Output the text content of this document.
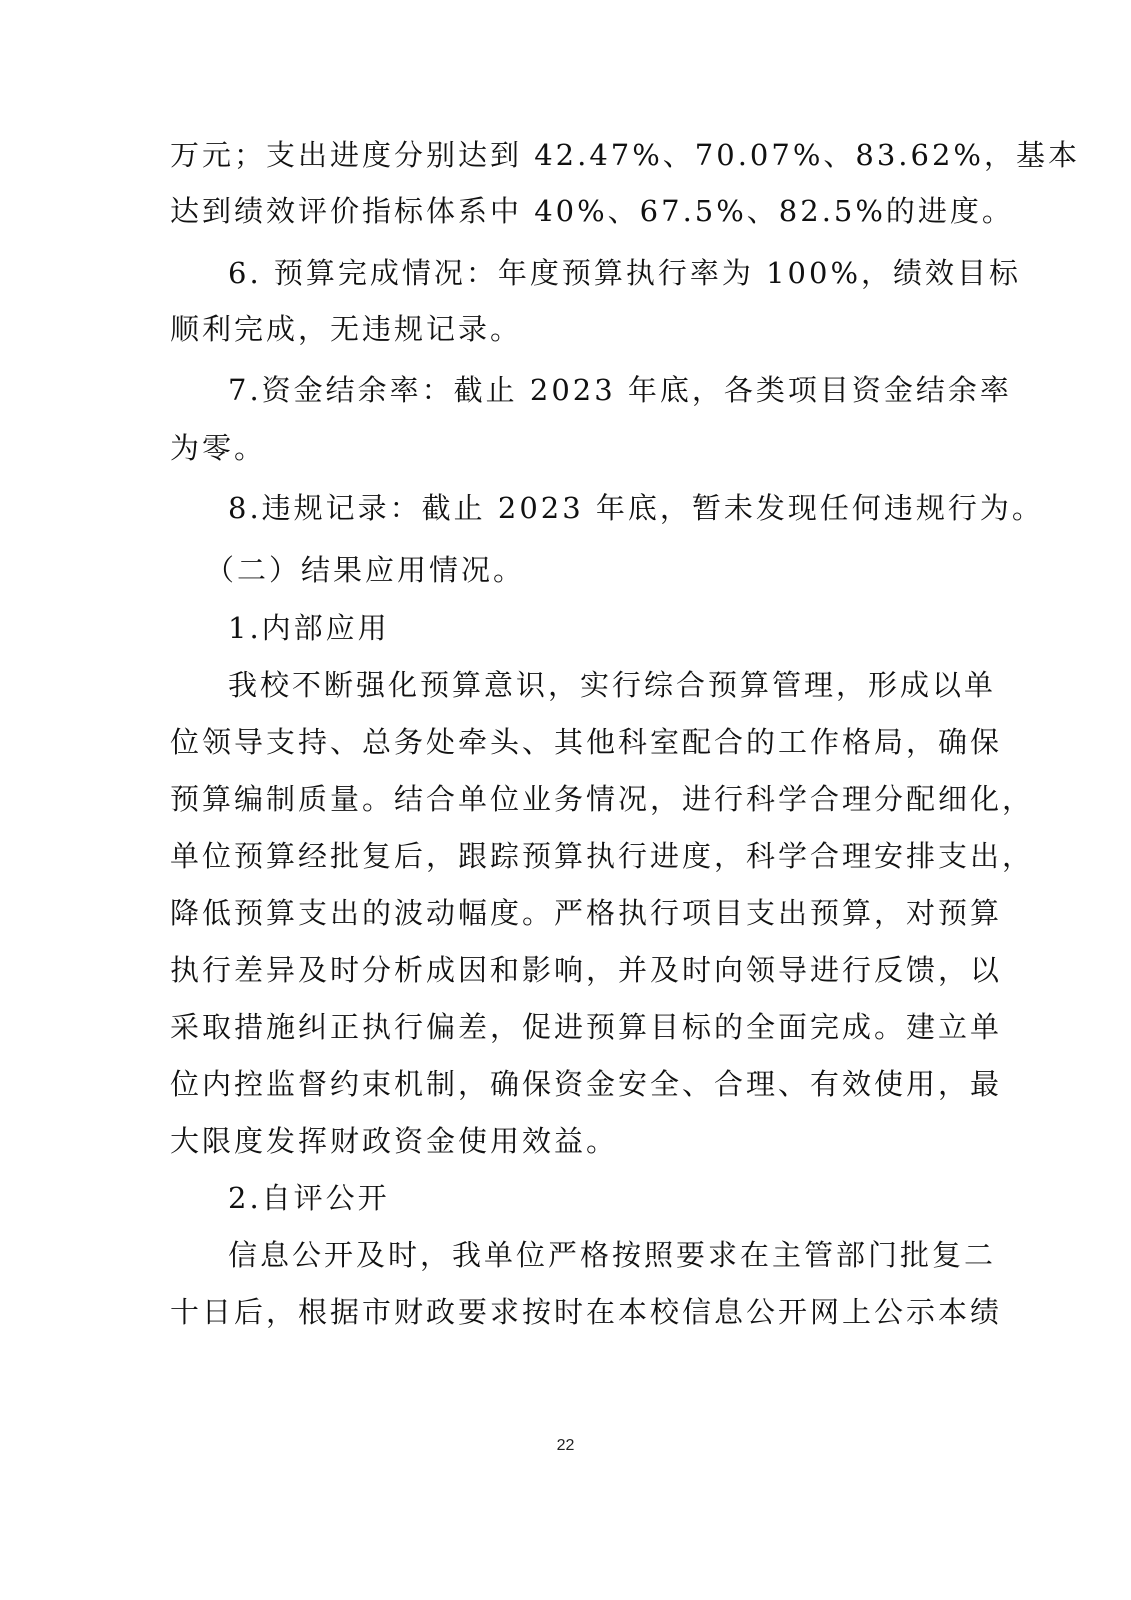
万元；支出进度分别达到 42.47%、70.07%、83.62%，基本
达到绩效评价指标体系中 40%、67.5%、82.5%的进度。
6. 预算完成情况：年度预算执行率为 100%，绩效目标
顺利完成，无违规记录。
7.资金结余率：截止 2023 年底，各类项目资金结余率
为零。
8.违规记录：截止 2023 年底，暂未发现任何违规行为。
（二）结果应用情况。
1.内部应用
我校不断强化预算意识，实行综合预算管理，形成以单
位领导支持、总务处牵头、其他科室配合的工作格局，确保
预算编制质量。结合单位业务情况，进行科学合理分配细化，
单位预算经批复后，跟踪预算执行进度，科学合理安排支出，
降低预算支出的波动幅度。严格执行项目支出预算，对预算
执行差异及时分析成因和影响，并及时向领导进行反馈，以
采取措施纠正执行偏差，促进预算目标的全面完成。建立单
位内控监督约束机制，确保资金安全、合理、有效使用，最
大限度发挥财政资金使用效益。
2.自评公开
信息公开及时，我单位严格按照要求在主管部门批复二
十日后，根据市财政要求按时在本校信息公开网上公示本绩
22
